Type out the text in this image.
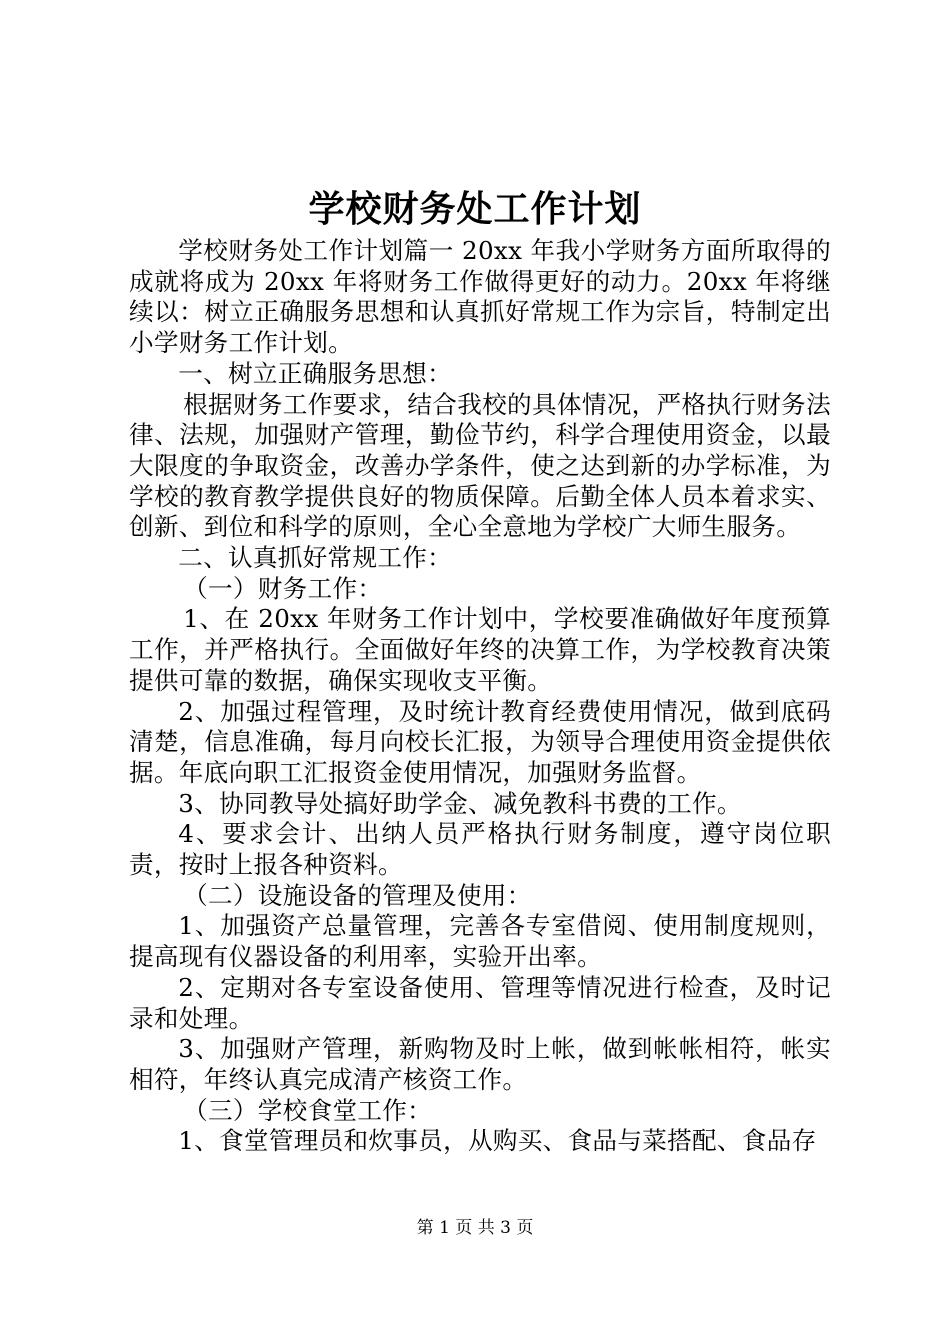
学校财务处工作计划

学校财务处工作计划篇一 20xx 年我小学财务方面所取得的成就将成为 20xx 年将财务工作做得更好的动力。20xx 年将继续以：树立正确服务思想和认真抓好常规工作为宗旨，特制定出小学财务工作计划。

一、树立正确服务思想：

根据财务工作要求，结合我校的具体情况，严格执行财务法律、法规，加强财产管理，勤俭节约，科学合理使用资金，以最大限度的争取资金，改善办学条件，使之达到新的办学标准，为学校的教育教学提供良好的物质保障。后勤全体人员本着求实、创新、到位和科学的原则，全心全意地为学校广大师生服务。

二、认真抓好常规工作：

（一）财务工作：

1、在 20xx 年财务工作计划中，学校要准确做好年度预算工作，并严格执行。全面做好年终的决算工作，为学校教育决策提供可靠的数据，确保实现收支平衡。

2、加强过程管理，及时统计教育经费使用情况，做到底码清楚，信息准确，每月向校长汇报，为领导合理使用资金提供依据。年底向职工汇报资金使用情况，加强财务监督。

3、协同教导处搞好助学金、减免教科书费的工作。

4、要求会计、出纳人员严格执行财务制度，遵守岗位职责，按时上报各种资料。

（二）设施设备的管理及使用：

1、加强资产总量管理，完善各专室借阅、使用制度规则，提高现有仪器设备的利用率，实验开出率。

2、定期对各专室设备使用、管理等情况进行检查，及时记录和处理。

3、加强财产管理，新购物及时上帐，做到帐帐相符，帐实相符，年终认真完成清产核资工作。

（三）学校食堂工作：

1、食堂管理员和炊事员，从购买、食品与菜搭配、食品存

第 1 页 共 3 页
